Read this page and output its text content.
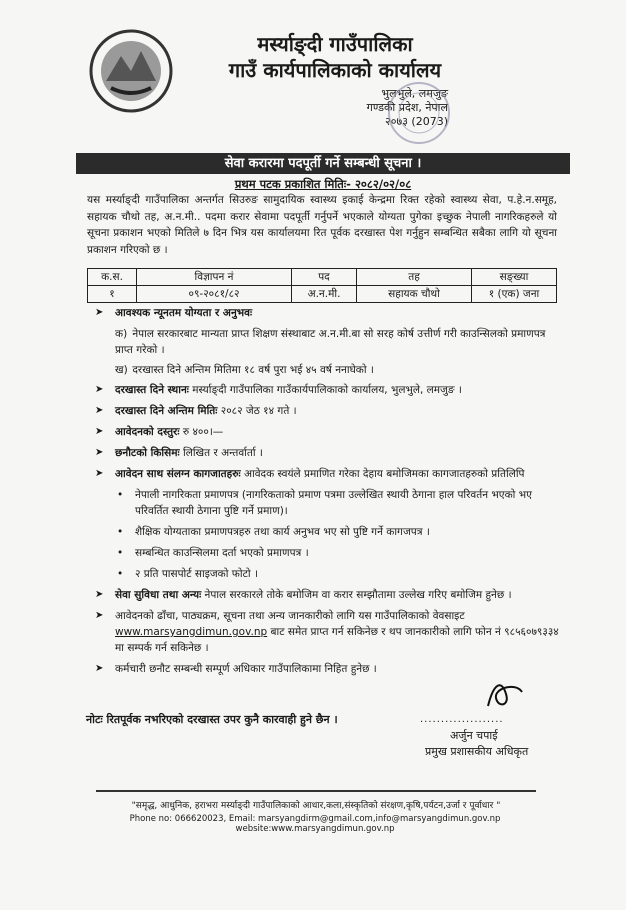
मर्स्याङ्दी गाउँपालिका
गाउँ कार्यपालिकाको कार्यालय
भुलभुले, लमजुङ
गण्डकी प्रदेश, नेपाल
२०७३ (2073)
सेवा करारमा पदपूर्ती गर्ने सम्बन्धी सूचना ।
प्रथम पटक प्रकाशित मितिः- २०८२/०२/०८
यस मर्स्याङ्दी गाउँपालिका अन्तर्गत सिउरुङ सामुदायिक स्वास्थ्य इकाई केन्द्रमा रिक्त रहेको स्वास्थ्य सेवा, प.हे.न.समूह, सहायक चौथो तह, अ.न.मी.. पदमा करार सेवामा पदपूर्ती गर्नुपर्ने भएकाले योग्यता पुगेका इच्छुक नेपाली नागरिकहरुले यो सूचना प्रकाशन भएको मितिले ७ दिन भित्र यस कार्यालयमा रित पूर्वक दरखास्त पेश गर्नुहुन सम्बन्धित सबैका लागि यो सूचना प्रकाशन गरिएको छ ।
क.स.	विज्ञापन नं	पद	तह	सङ्ख्या
१	०९-२०८१/८२	अ.न.मी.	सहायक चौथो	१ (एक) जना
➤ आवश्यक न्यूनतम योग्यता र अनुभवः
क) नेपाल सरकारबाट मान्यता प्राप्त शिक्षण संस्थाबाट अ.न.मी.बा सो सरह कोर्ष उत्तीर्ण गरी काउन्सिलको प्रमाणपत्र प्राप्त गरेको ।
ख) दरखास्त दिने अन्तिम मितिमा १८ वर्ष पुरा भई ४५ वर्ष ननाघेको ।
➤ दरखास्त दिने स्थानः मर्स्याङ्दी गाउँपालिका गाउँकार्यपालिकाको कार्यालय, भुलभुले, लमजुङ ।
➤ दरखास्त दिने अन्तिम मितिः २०८२ जेठ १४ गते ।
➤ आवेदनको दस्तुरः रु ४००।—
➤ छनौटको किसिमः लिखित र अन्तर्वार्ता ।
➤ आवेदन साथ संलग्न कागजातहरुः आवेदक स्वयंले प्रमाणित गरेका देहाय बमोजिमका कागजातहरुको प्रतिलिपि
• नेपाली नागरिकता प्रमाणपत्र (नागरिकताको प्रमाण पत्रमा उल्लेखित स्थायी ठेगाना हाल परिवर्तन भएको भए परिवर्तित स्थायी ठेगाना पुष्टि गर्ने प्रमाण)।
• शैक्षिक योग्यताका प्रमाणपत्रहरु तथा कार्य अनुभव भए सो पुष्टि गर्ने कागजपत्र ।
• सम्बन्धित काउन्सिलमा दर्ता भएको प्रमाणपत्र ।
• २ प्रति पासपोर्ट साइजको फोटो ।
➤ सेवा सुविधा तथा अन्यः नेपाल सरकारले तोके बमोजिम वा करार सम्झौतामा उल्लेख गरिए बमोजिम हुनेछ ।
➤ आवेदनको ढाँचा, पाठ्यक्रम, सूचना तथा अन्य जानकारीको लागि यस गाउँपालिकाको वेवसाइट www.marsyangdimun.gov.np बाट समेत प्राप्त गर्न सकिनेछ र थप जानकारीको लागि फोन नं ९८५६०७९३३४ मा सम्पर्क गर्न सकिनेछ ।
➤ कर्मचारी छनौट सम्बन्धी सम्पूर्ण अधिकार गाउँपालिकामा निहित हुनेछ ।
नोटः रितपूर्वक नभरिएको दरखास्त उपर कुनै कारवाही हुने छैन ।	....................
अर्जुन चपाई
प्रमुख प्रशासकीय अधिकृत
"समृद्ध, आधुनिक, हराभरा मर्स्याङ्दी गाउँपालिकाको आधार,कला,संस्कृतिको संरक्षण,कृषि,पर्यटन,उर्जा र पूर्वाधार "
Phone no: 066620023, Email: marsyangdirm@gmail.com,info@marsyangdimun.gov.np website:www.marsyangdimun.gov.np
